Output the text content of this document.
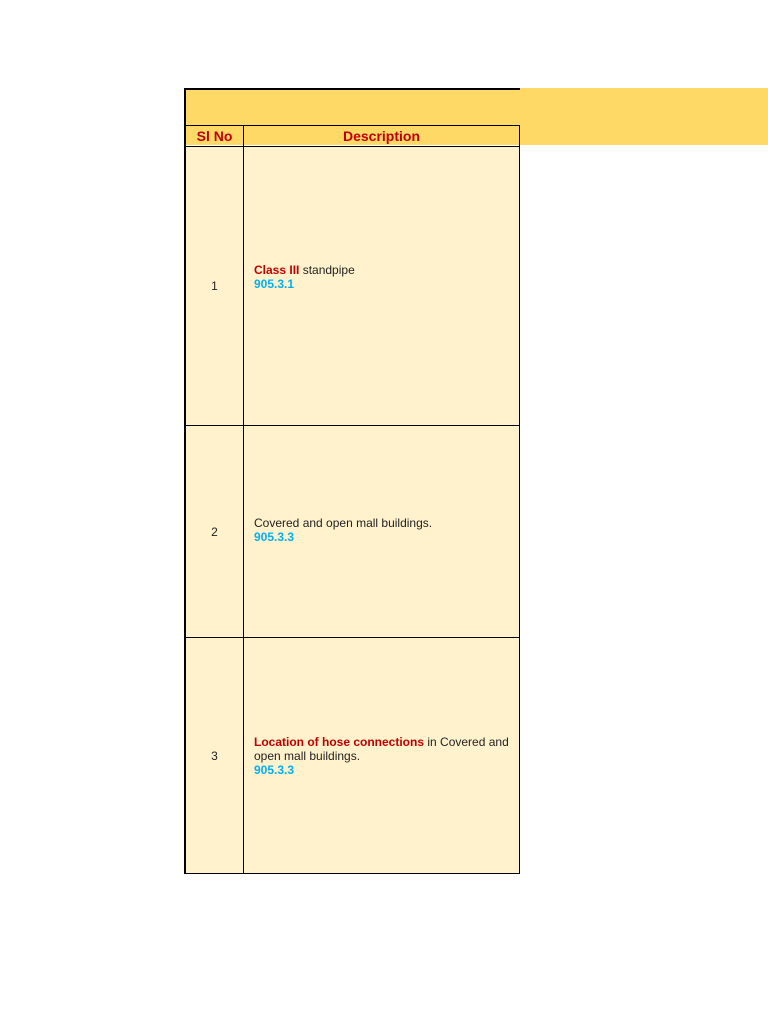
Sl No	Description
1
Class III standpipe
905.3.1
2
Covered and open mall buildings.
905.3.3
3
Location of hose connections in Covered and open mall buildings.
905.3.3
